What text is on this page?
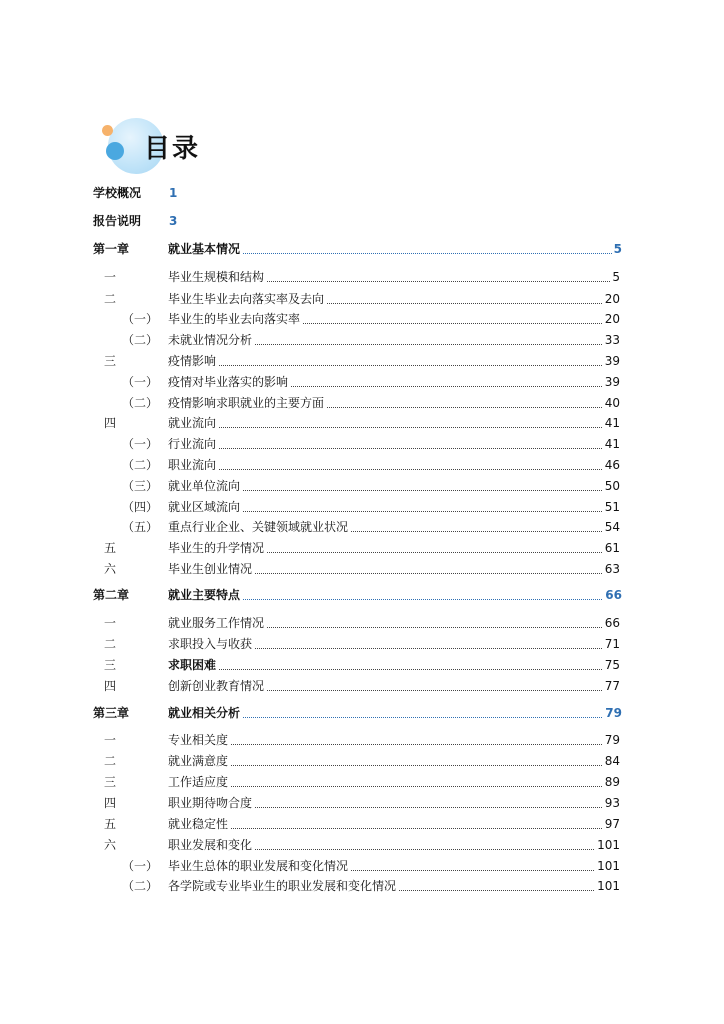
目录
学校概况 1
报告说明 3
第一章	就业基本情况	5
一	毕业生规模和结构	5
二	毕业生毕业去向落实率及去向	20
（一） 毕业生的毕业去向落实率	20
（二） 未就业情况分析	33
三	疫情影响	39
（一） 疫情对毕业落实的影响	39
（二） 疫情影响求职就业的主要方面	40
四	就业流向	41
（一） 行业流向	41
（二） 职业流向	46
（三） 就业单位流向	50
（四） 就业区域流向	51
（五） 重点行业企业、关键领域就业状况	54
五	毕业生的升学情况	61
六	毕业生创业情况	63
第二章	就业主要特点	66
一	就业服务工作情况	66
二	求职投入与收获	71
三	求职困难	75
四	创新创业教育情况	77
第三章	就业相关分析	79
一	专业相关度	79
二	就业满意度	84
三	工作适应度	89
四	职业期待吻合度	93
五	就业稳定性	97
六	职业发展和变化	101
（一） 毕业生总体的职业发展和变化情况	101
（二） 各学院或专业毕业生的职业发展和变化情况	101
